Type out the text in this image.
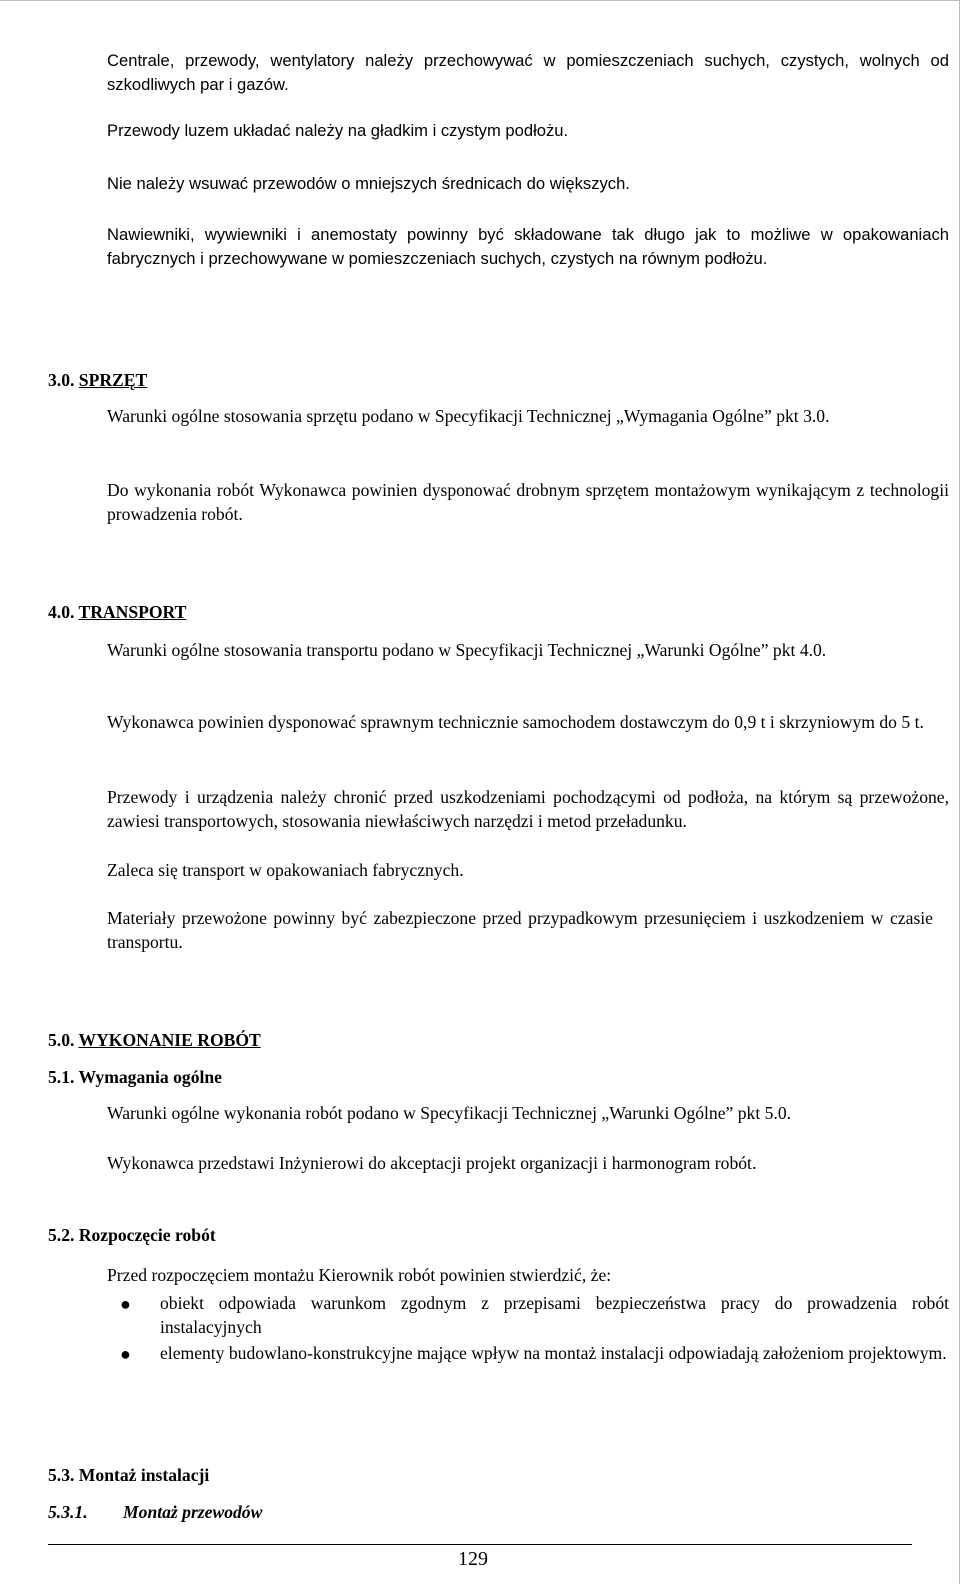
Centrale, przewody, wentylatory należy przechowywać w pomieszczeniach suchych, czystych, wolnych od szkodliwych par i gazów.
Przewody luzem układać należy na gładkim i czystym podłożu.
Nie należy wsuwać przewodów o mniejszych średnicach do większych.
Nawiewniki, wywiewniki i anemostaty powinny być składowane tak długo jak to możliwe w opakowaniach fabrycznych i przechowywane w pomieszczeniach suchych, czystych na równym podłożu.
3.0. SPRZĘT
Warunki ogólne stosowania sprzętu podano w Specyfikacji Technicznej „Wymagania Ogólne” pkt 3.0.
Do wykonania robót Wykonawca powinien dysponować drobnym sprzętem montażowym wynikającym z technologii prowadzenia robót.
4.0. TRANSPORT
Warunki ogólne stosowania transportu podano w Specyfikacji Technicznej „Warunki Ogólne” pkt 4.0.
Wykonawca powinien dysponować sprawnym technicznie samochodem dostawczym do 0,9 t i skrzyniowym do 5 t.
Przewody i urządzenia należy chronić przed uszkodzeniami pochodzącymi od podłoża, na którym są przewożone, zawiesi transportowych, stosowania niewłaściwych narzędzi i metod przeładunku.
Zaleca się transport w opakowaniach fabrycznych.
Materiały przewożone powinny być zabezpieczone przed przypadkowym przesunięciem i uszkodzeniem w czasie transportu.
5.0. WYKONANIE ROBÓT
5.1. Wymagania ogólne
Warunki ogólne wykonania robót podano w Specyfikacji Technicznej „Warunki Ogólne” pkt 5.0.
Wykonawca przedstawi Inżynierowi do akceptacji projekt organizacji i harmonogram robót.
5.2. Rozpoczęcie robót
Przed rozpoczęciem montażu Kierownik robót powinien stwierdzić, że:
● obiekt odpowiada warunkom zgodnym z przepisami bezpieczeństwa pracy do prowadzenia robót instalacyjnych
● elementy budowlano-konstrukcyjne mające wpływ na montaż instalacji odpowiadają założeniom projektowym.
5.3. Montaż instalacji
5.3.1. Montaż przewodów
129
